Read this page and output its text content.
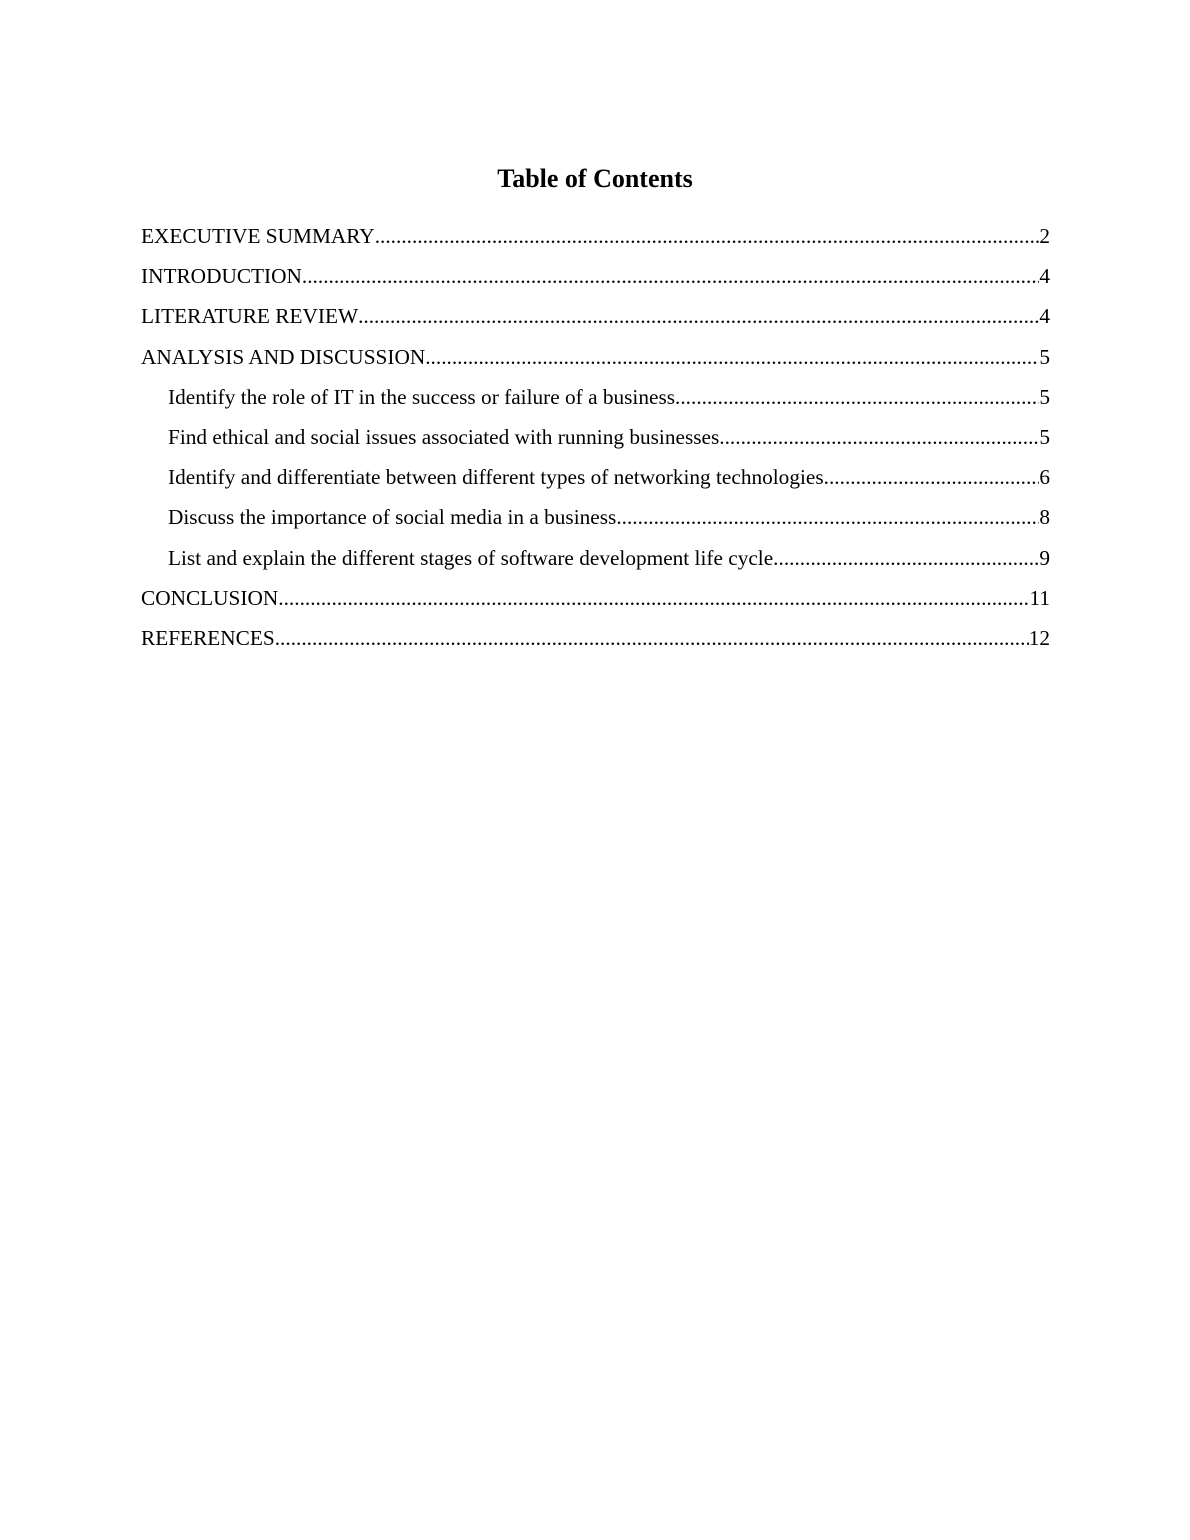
Table of Contents
EXECUTIVE SUMMARY .....	2
INTRODUCTION .....	4
LITERATURE REVIEW .....	4
ANALYSIS AND DISCUSSION .....	5
Identify the role of IT in the success or failure of a business .....	5
Find ethical and social issues associated with running businesses .....	5
Identify and differentiate between different types of networking technologies .....	6
Discuss the importance of social media in a business .....	8
List and explain the different stages of software development life cycle .....	9
CONCLUSION .....	11
REFERENCES .....	12
